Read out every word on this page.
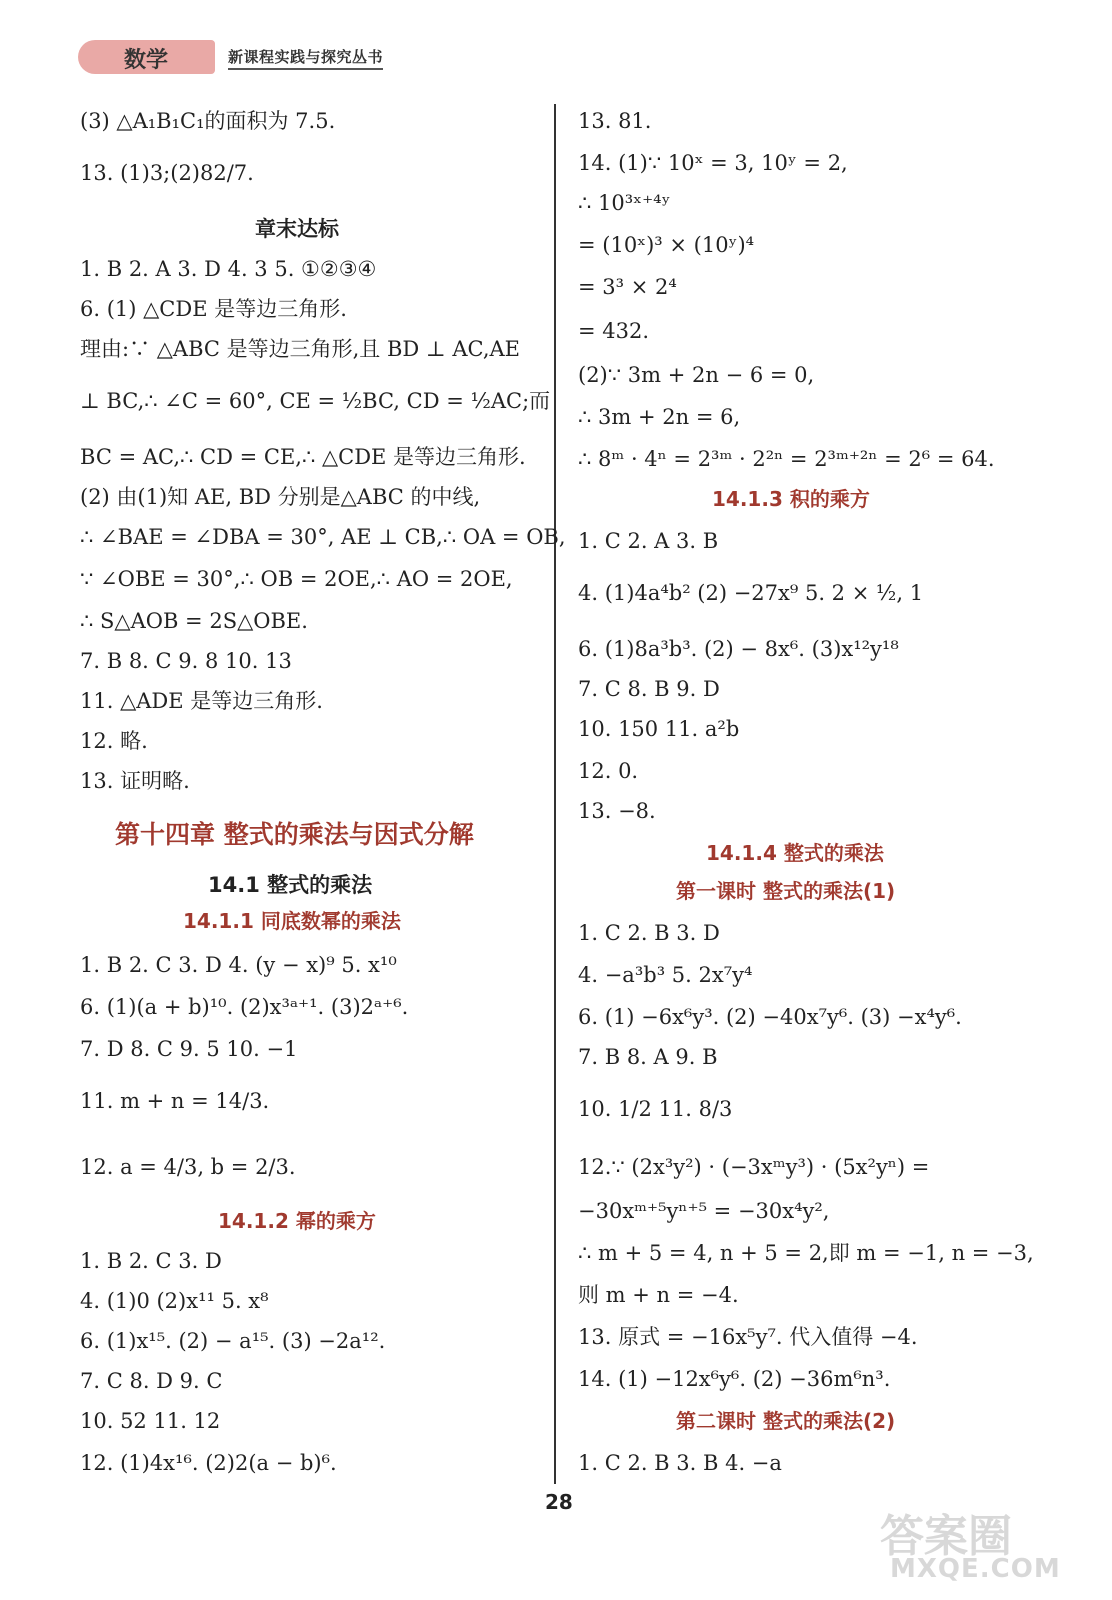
数学	新课程实践与探究丛书
(3) △A₁B₁C₁的面积为 7.5.
13. (1)3;(2)82/7.
章末达标
1. B 2. A 3. D 4. 3 5. ①②③④
6. (1) △CDE 是等边三角形.
理由:∵ △ABC 是等边三角形,且 BD ⊥ AC,AE
⊥ BC,∴ ∠C = 60°, CE = ½BC, CD = ½AC;而
BC = AC,∴ CD = CE,∴ △CDE 是等边三角形.
(2) 由(1)知 AE, BD 分别是△ABC 的中线,
∴ ∠BAE = ∠DBA = 30°, AE ⊥ CB,∴ OA = OB,
∵ ∠OBE = 30°,∴ OB = 2OE,∴ AO = 2OE,
∴ S△AOB = 2S△OBE.
7. B 8. C 9. 8 10. 13
11. △ADE 是等边三角形.
12. 略.
13. 证明略.
第十四章 整式的乘法与因式分解
14.1 整式的乘法
14.1.1 同底数幂的乘法
1. B 2. C 3. D 4. (y − x)⁹ 5. x¹⁰
6. (1)(a + b)¹⁰. (2)x³ᵃ⁺¹. (3)2ᵃ⁺⁶.
7. D 8. C 9. 5 10. −1
11. m + n = 14/3.
12. a = 4/3, b = 2/3.
14.1.2 幂的乘方
1. B 2. C 3. D
4. (1)0 (2)x¹¹ 5. x⁸
6. (1)x¹⁵. (2) − a¹⁵. (3) −2a¹².
7. C 8. D 9. C
10. 52 11. 12
12. (1)4x¹⁶. (2)2(a − b)⁶.
13. 81.
14. (1)∵ 10ˣ = 3, 10ʸ = 2,
∴ 10³ˣ⁺⁴ʸ
= (10ˣ)³ × (10ʸ)⁴
= 3³ × 2⁴
= 432.
(2)∵ 3m + 2n − 6 = 0,
∴ 3m + 2n = 6,
∴ 8ᵐ · 4ⁿ = 2³ᵐ · 2²ⁿ = 2³ᵐ⁺²ⁿ = 2⁶ = 64.
14.1.3 积的乘方
1. C 2. A 3. B
4. (1)4a⁴b² (2) −27x⁹ 5. 2 × ½, 1
6. (1)8a³b³. (2) − 8x⁶. (3)x¹²y¹⁸
7. C 8. B 9. D
10. 150 11. a²b
12. 0.
13. −8.
14.1.4 整式的乘法
第一课时 整式的乘法(1)
1. C 2. B 3. D
4. −a³b³ 5. 2x⁷y⁴
6. (1) −6x⁶y³. (2) −40x⁷y⁶. (3) −x⁴y⁶.
7. B 8. A 9. B
10. 1/2 11. 8/3
12.∵ (2x³y²) · (−3xᵐy³) · (5x²yⁿ) =
−30xᵐ⁺⁵yⁿ⁺⁵ = −30x⁴y²,
∴ m + 5 = 4, n + 5 = 2,即 m = −1, n = −3,
则 m + n = −4.
13. 原式 = −16x⁵y⁷. 代入值得 −4.
14. (1) −12x⁶y⁶. (2) −36m⁶n³.
第二课时 整式的乘法(2)
1. C 2. B 3. B 4. −a
28
答案圈
MXQE.COM
